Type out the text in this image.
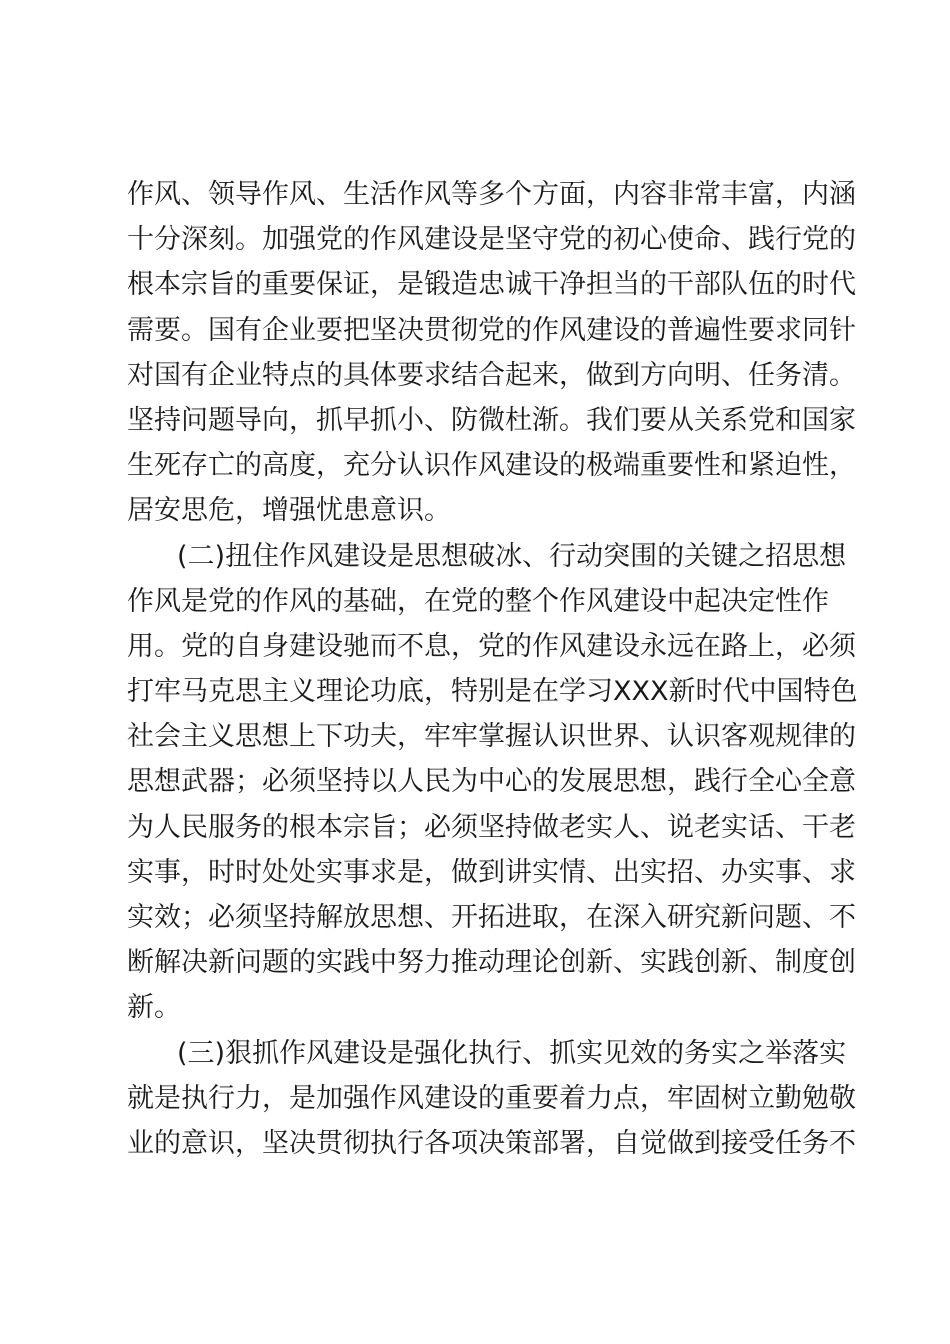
作风、领导作风、生活作风等多个方面，内容非常丰富，内涵
十分深刻。加强党的作风建设是坚守党的初心使命、践行党的
根本宗旨的重要保证，是锻造忠诚干净担当的干部队伍的时代
需要。国有企业要把坚决贯彻党的作风建设的普遍性要求同针
对国有企业特点的具体要求结合起来，做到方向明、任务清。
坚持问题导向，抓早抓小、防微杜渐。我们要从关系党和国家
生死存亡的高度，充分认识作风建设的极端重要性和紧迫性，
居安思危，增强忧患意识。
(二)扭住作风建设是思想破冰、行动突围的关键之招思想
作风是党的作风的基础，在党的整个作风建设中起决定性作
用。党的自身建设驰而不息，党的作风建设永远在路上，必须
打牢马克思主义理论功底，特别是在学习XXX新时代中国特色
社会主义思想上下功夫，牢牢掌握认识世界、认识客观规律的
思想武器；必须坚持以人民为中心的发展思想，践行全心全意
为人民服务的根本宗旨；必须坚持做老实人、说老实话、干老
实事，时时处处实事求是，做到讲实情、出实招、办实事、求
实效；必须坚持解放思想、开拓进取，在深入研究新问题、不
断解决新问题的实践中努力推动理论创新、实践创新、制度创
新。
(三)狠抓作风建设是强化执行、抓实见效的务实之举落实
就是执行力，是加强作风建设的重要着力点，牢固树立勤勉敬
业的意识，坚决贯彻执行各项决策部署，自觉做到接受任务不
